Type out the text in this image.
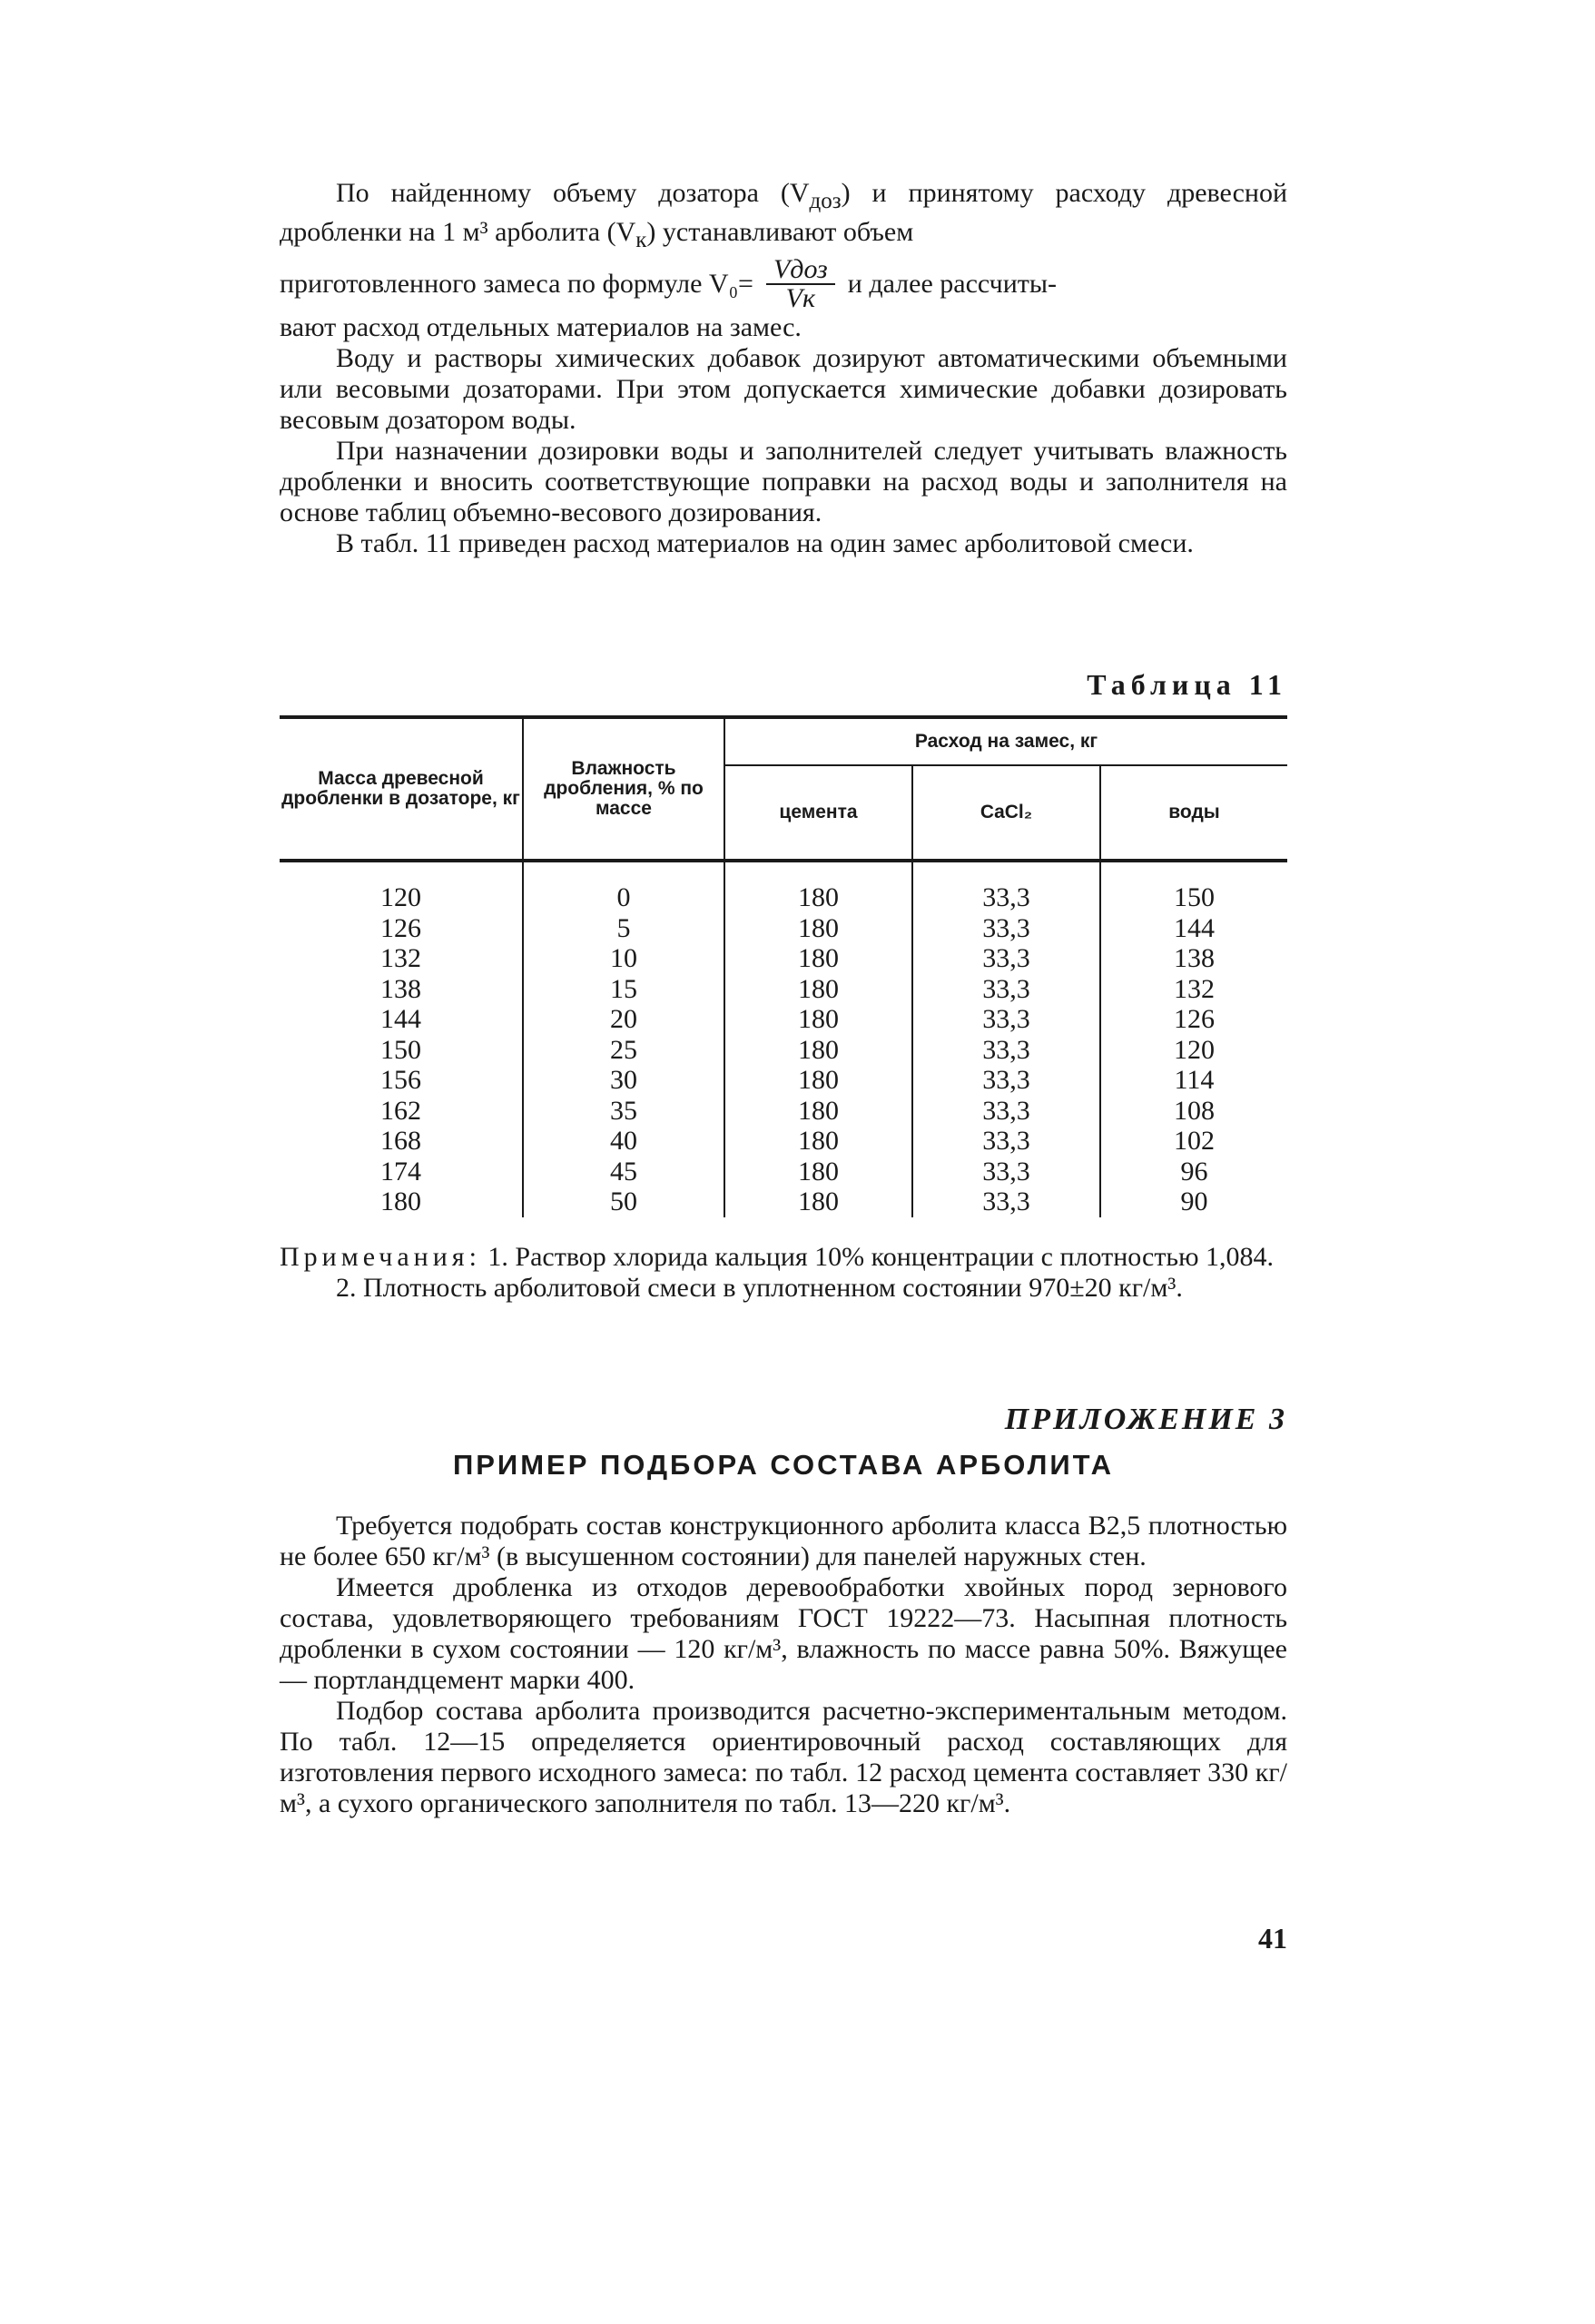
По найденному объему дозатора $(V_{доз})$ и принятому расходу древесной дробленки на 1 м³ арболита $(V_к)$ устанавливают объем

приготовленного замеса по формуле $V_0= \frac{\text{Vдоз}}{Vк}$ и далее рассчиты-

вают расход отдельных материалов на замес.

Воду и растворы химических добавок дозируют автоматическими объемными или весовыми дозаторами. При этом допускается химические добавки дозировать весовым дозатором воды.

При назначении дозировки воды и заполнителей следует учитывать влажность дробленки и вносить соответствующие поправки на расход воды и заполнителя на основе таблиц объемно-весового дозирования.

В табл. 11 приведен расход материалов на один замес арболитовой смеси.

Таблица 11
Масса древесной дробленки в дозаторе, кг	Влажность дробления, % по массе	Расход на замес, кг		
		цемента	CaCl₂	воды
120	0	180	33,3	150
126	5	180	33,3	144
132	10	180	33,3	138
138	15	180	33,3	132
144	20	180	33,3	126
150	25	180	33,3	120
156	30	180	33,3	114
162	35	180	33,3	108
168	40	180	33,3	102
174	45	180	33,3	96
180	50	180	33,3	90

Примечания: 1. Раствор хлорида кальция 10% концентрации с плотностью 1,084.

2. Плотность арболитовой смеси в уплотненном состоянии 970±20 кг/м³.

ПРИЛОЖЕНИЕ 3
ПРИМЕР ПОДБОРА СОСТАВА АРБОЛИТА

Требуется подобрать состав конструкционного арболита класса В2,5 плотностью не более 650 кг/м³ (в высушенном состоянии) для панелей наружных стен.

Имеется дробленка из отходов деревообработки хвойных пород зернового состава, удовлетворяющего требованиям ГОСТ 19222—73. Насыпная плотность дробленки в сухом состоянии — 120 кг/м³, влажность по массе равна 50%. Вяжущее — портландцемент марки 400.

Подбор состава арболита производится расчетно-экспериментальным методом. По табл. 12—15 определяется ориентировочный расход составляющих для изготовления первого исходного замеса: по табл. 12 расход цемента составляет 330 кг/м³, а сухого органического заполнителя по табл. 13—220 кг/м³.

41
